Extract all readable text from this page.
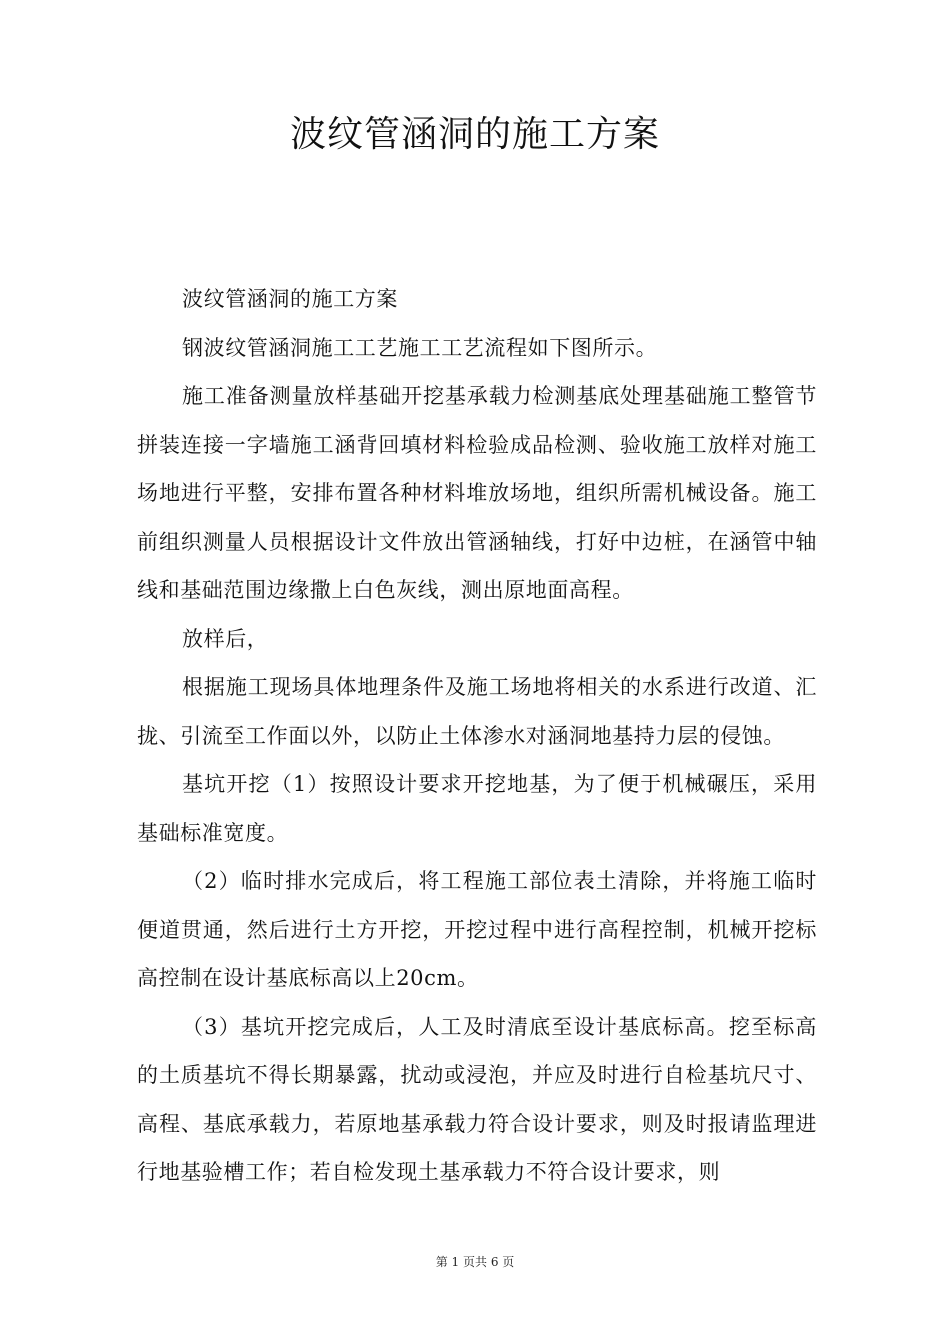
波纹管涵洞的施工方案

波纹管涵洞的施工方案

钢波纹管涵洞施工工艺施工工艺流程如下图所示。

施工准备测量放样基础开挖基承载力检测基底处理基础施工整管节拼装连接一字墙施工涵背回填材料检验成品检测、验收施工放样对施工场地进行平整，安排布置各种材料堆放场地，组织所需机械设备。施工前组织测量人员根据设计文件放出管涵轴线，打好中边桩，在涵管中轴线和基础范围边缘撒上白色灰线，测出原地面高程。

放样后，

根据施工现场具体地理条件及施工场地将相关的水系进行改道、汇拢、引流至工作面以外，以防止土体渗水对涵洞地基持力层的侵蚀。

基坑开挖（1）按照设计要求开挖地基，为了便于机械碾压，采用基础标准宽度。

（2）临时排水完成后，将工程施工部位表土清除，并将施工临时便道贯通，然后进行土方开挖，开挖过程中进行高程控制，机械开挖标高控制在设计基底标高以上20cm。

（3）基坑开挖完成后，人工及时清底至设计基底标高。挖至标高的土质基坑不得长期暴露，扰动或浸泡，并应及时进行自检基坑尺寸、高程、基底承载力，若原地基承载力符合设计要求，则及时报请监理进行地基验槽工作；若自检发现土基承载力不符合设计要求，则

第 1 页共 6 页
